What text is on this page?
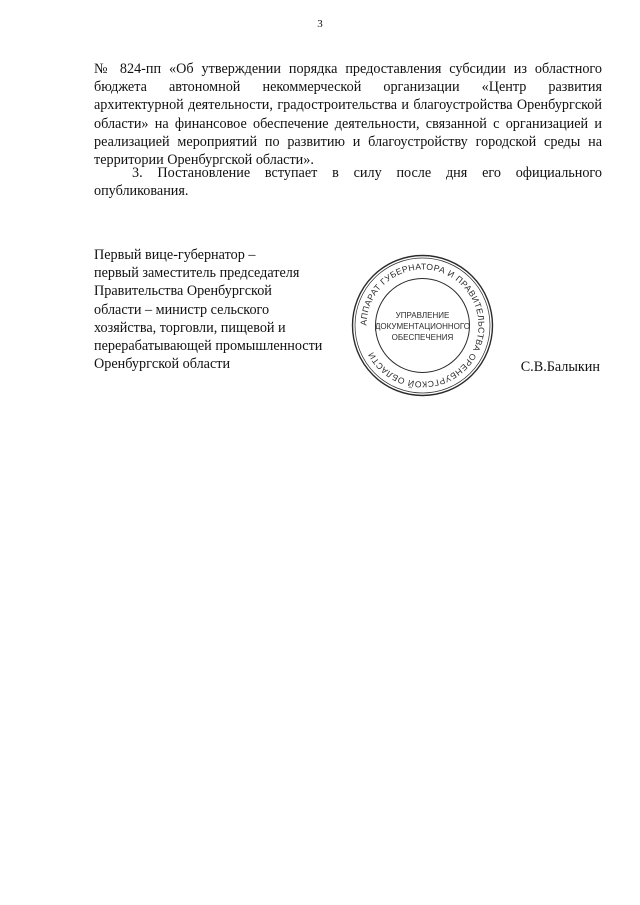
3

№ 824-пп «Об утверждении порядка предоставления субсидии из областного бюджета автономной некоммерческой организации «Центр развития архитектурной деятельности, градостроительства и благоустройства Оренбургской области» на финансовое обеспечение деятельности, связанной с организацией и реализацией мероприятий по развитию и благоустройству городской среды на территории Оренбургской области».

3. Постановление вступает в силу после дня его официального опубликования.

Первый вице-губернатор –
первый заместитель председателя
Правительства Оренбургской
области – министр сельского
хозяйства, торговли, пищевой и
перерабатывающей промышленности
Оренбургской области
АППАРАТ ГУБЕРНАТОРА И ПРАВИТЕЛЬСТВА ОРЕНБУРГСКОЙ ОБЛАСТИ
УПРАВЛЕНИЕ
ДОКУМЕНТАЦИОННОГО
ОБЕСПЕЧЕНИЯ
С.В.Балыкин
